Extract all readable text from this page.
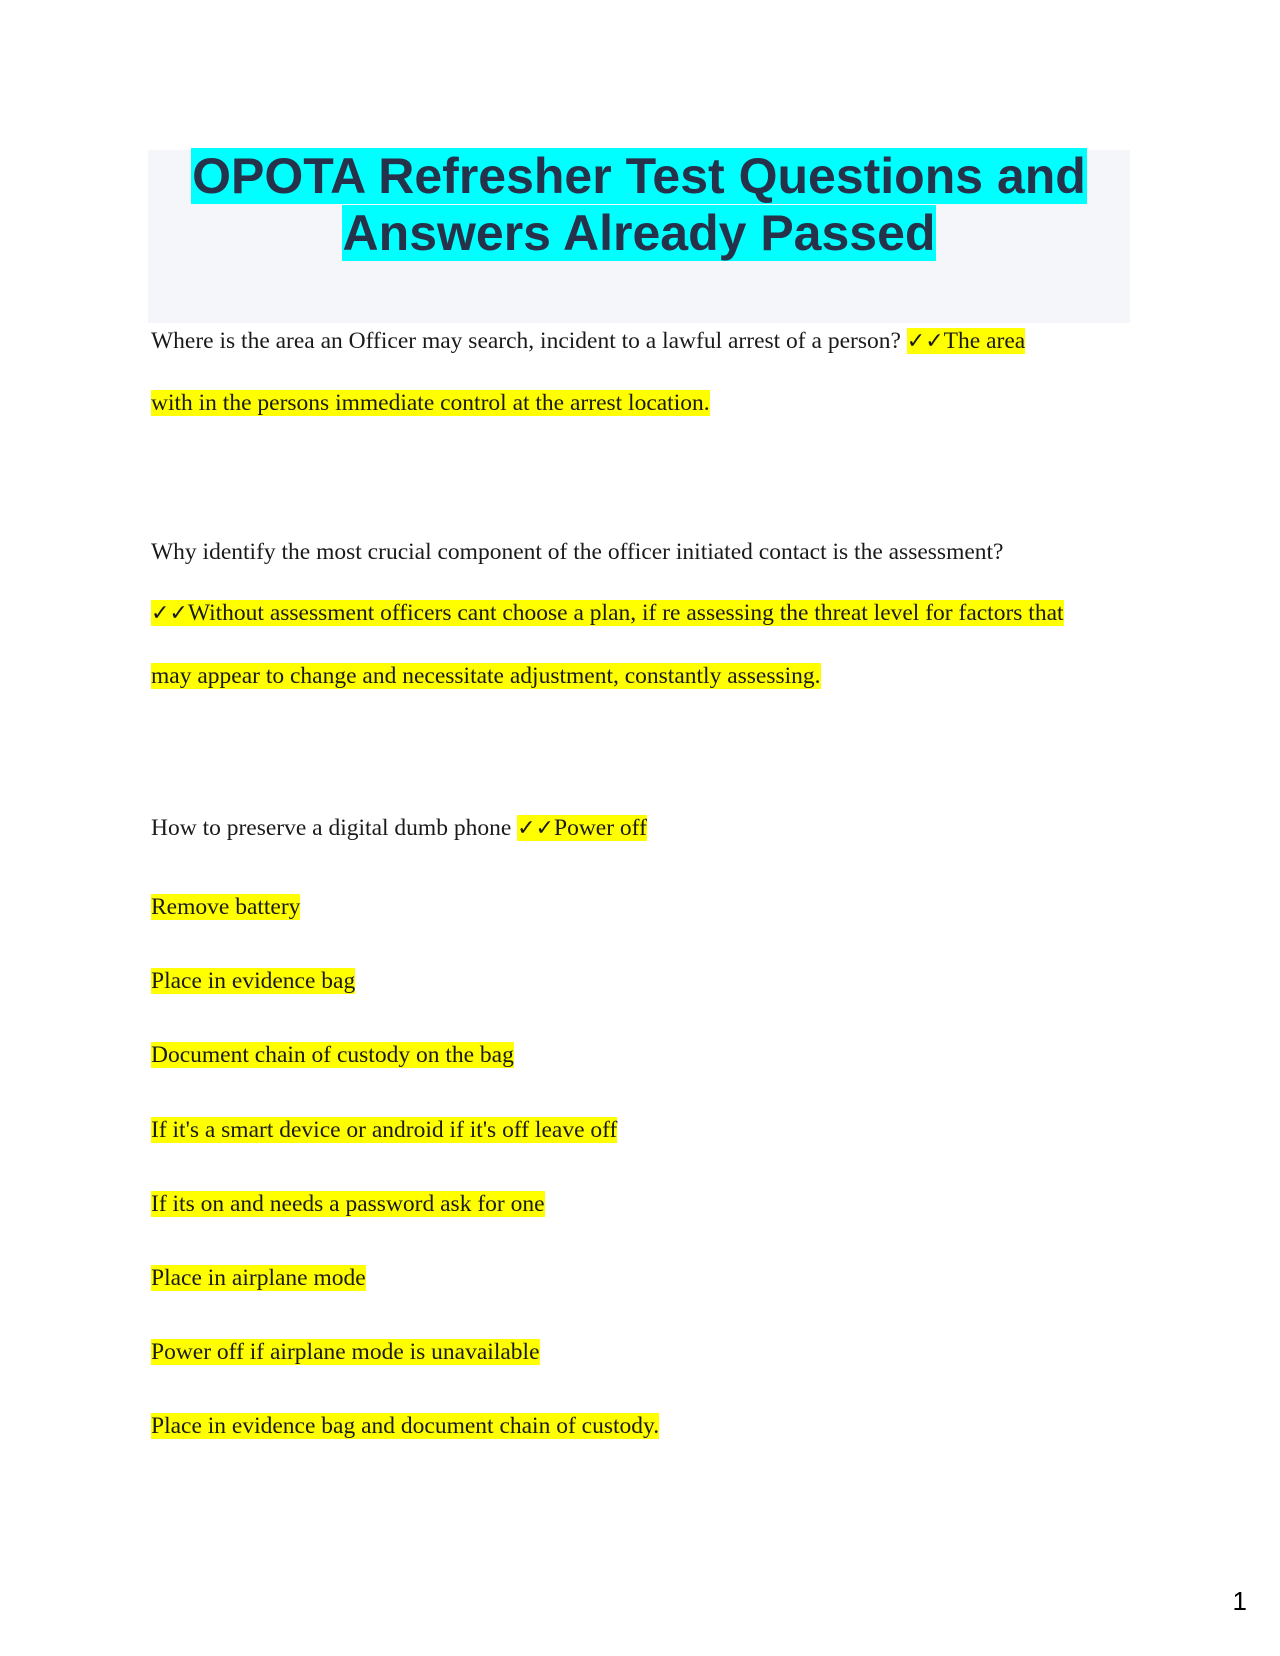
OPOTA Refresher Test Questions and
Answers Already Passed

Where is the area an Officer may search, incident to a lawful arrest of a person? ✓✓The area

with in the persons immediate control at the arrest location.

Why identify the most crucial component of the officer initiated contact is the assessment?

✓✓Without assessment officers cant choose a plan, if re assessing the threat level for factors that

may appear to change and necessitate adjustment, constantly assessing.

How to preserve a digital dumb phone ✓✓Power off

Remove battery

Place in evidence bag

Document chain of custody on the bag

If it's a smart device or android if it's off leave off

If its on and needs a password ask for one

Place in airplane mode

Power off if airplane mode is unavailable

Place in evidence bag and document chain of custody.

1
